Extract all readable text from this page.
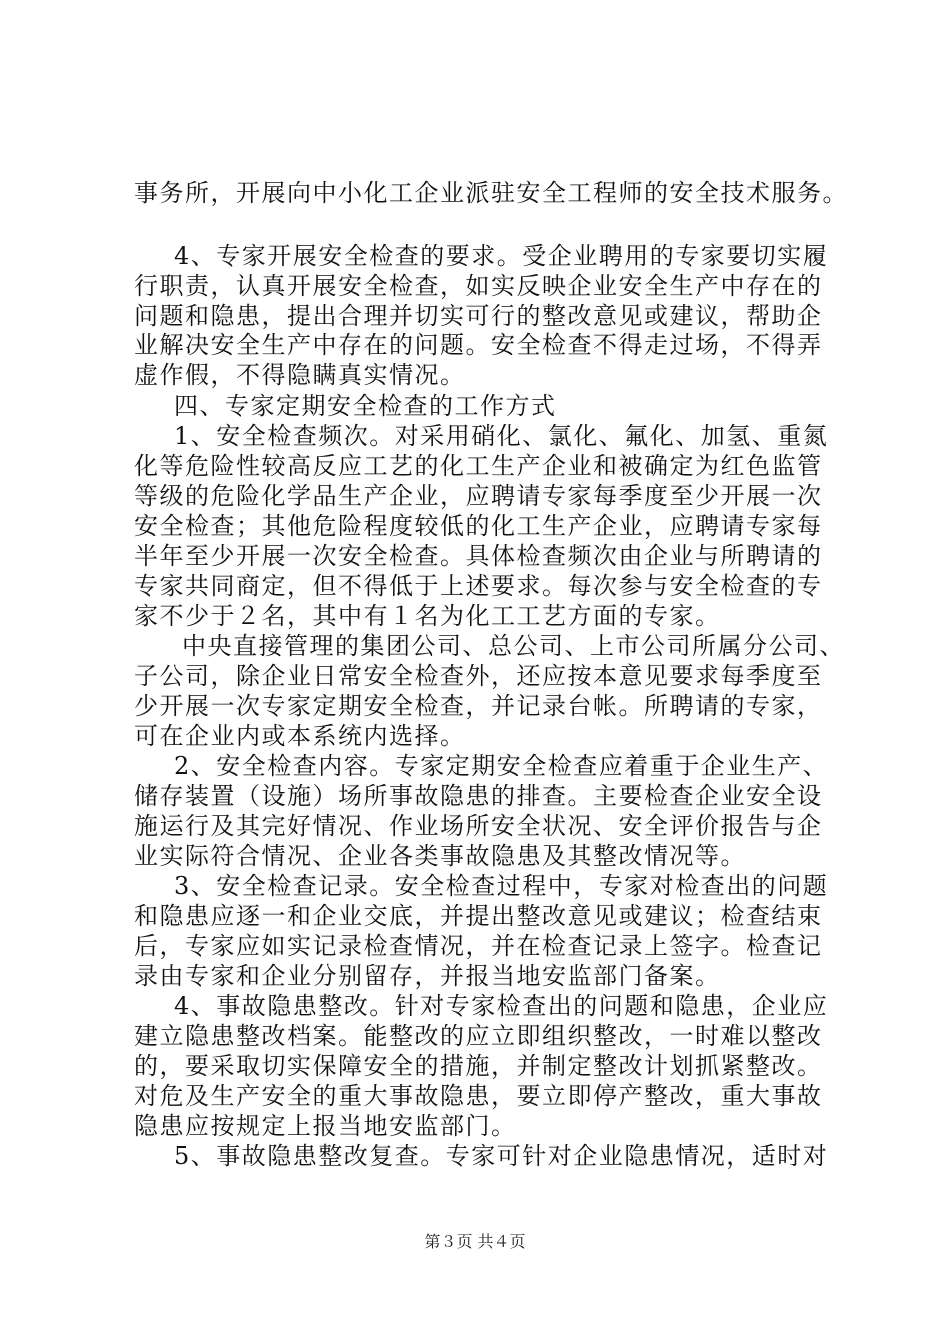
事务所，开展向中小化工企业派驻安全工程师的安全技术服务。
4、专家开展安全检查的要求。受企业聘用的专家要切实履
行职责，认真开展安全检查，如实反映企业安全生产中存在的
问题和隐患，提出合理并切实可行的整改意见或建议，帮助企
业解决安全生产中存在的问题。安全检查不得走过场，不得弄
虚作假，不得隐瞒真实情况。
四、专家定期安全检查的工作方式
1、安全检查频次。对采用硝化、氯化、氟化、加氢、重氮
化等危险性较高反应工艺的化工生产企业和被确定为红色监管
等级的危险化学品生产企业，应聘请专家每季度至少开展一次
安全检查；其他危险程度较低的化工生产企业，应聘请专家每
半年至少开展一次安全检查。具体检查频次由企业与所聘请的
专家共同商定，但不得低于上述要求。每次参与安全检查的专
家不少于２名，其中有１名为化工工艺方面的专家。
中央直接管理的集团公司、总公司、上市公司所属分公司、
子公司，除企业日常安全检查外，还应按本意见要求每季度至
少开展一次专家定期安全检查，并记录台帐。所聘请的专家，
可在企业内或本系统内选择。
2、安全检查内容。专家定期安全检查应着重于企业生产、
储存装置（设施）场所事故隐患的排查。主要检查企业安全设
施运行及其完好情况、作业场所安全状况、安全评价报告与企
业实际符合情况、企业各类事故隐患及其整改情况等。
3、安全检查记录。安全检查过程中，专家对检查出的问题
和隐患应逐一和企业交底，并提出整改意见或建议；检查结束
后，专家应如实记录检查情况，并在检查记录上签字。检查记
录由专家和企业分别留存，并报当地安监部门备案。
4、事故隐患整改。针对专家检查出的问题和隐患，企业应
建立隐患整改档案。能整改的应立即组织整改，一时难以整改
的，要采取切实保障安全的措施，并制定整改计划抓紧整改。
对危及生产安全的重大事故隐患，要立即停产整改，重大事故
隐患应按规定上报当地安监部门。
5、事故隐患整改复查。专家可针对企业隐患情况，适时对
第３页 共４页
